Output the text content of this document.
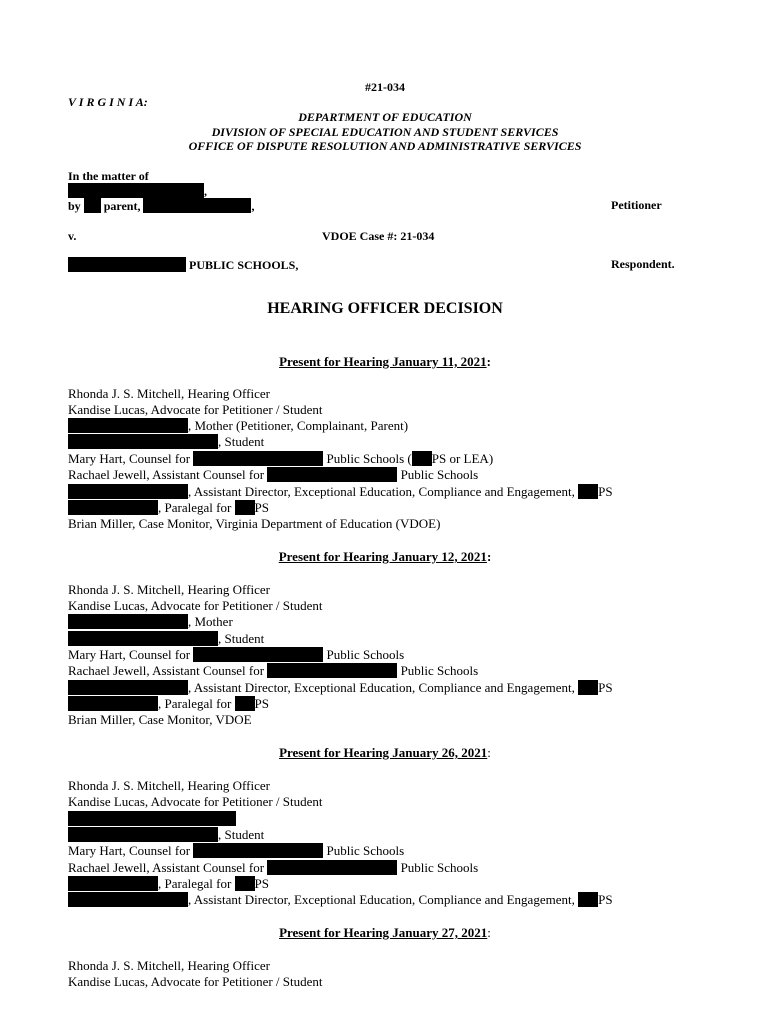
#21-034
V I R G I N I A:
DEPARTMENT OF EDUCATION
DIVISION OF SPECIAL EDUCATION AND STUDENT SERVICES
OFFICE OF DISPUTE RESOLUTION AND ADMINISTRATIVE SERVICES
In the matter of
,
by parent,	,	Petitioner
v.	VDOE Case #: 21-034
PUBLIC SCHOOLS,	Respondent.
HEARING OFFICER DECISION
Present for Hearing January 11, 2021:
Rhonda J. S. Mitchell, Hearing Officer
Kandise Lucas, Advocate for Petitioner / Student
, Mother (Petitioner, Complainant, Parent)
, Student
Mary Hart, Counsel for	Public Schools ( PS or LEA)
Rachael Jewell, Assistant Counsel for	Public Schools
, Assistant Director, Exceptional Education, Compliance and Engagement, PS
, Paralegal for PS
Brian Miller, Case Monitor, Virginia Department of Education (VDOE)
Present for Hearing January 12, 2021:
Rhonda J. S. Mitchell, Hearing Officer
Kandise Lucas, Advocate for Petitioner / Student
, Mother
, Student
Mary Hart, Counsel for	Public Schools
Rachael Jewell, Assistant Counsel for	Public Schools
, Assistant Director, Exceptional Education, Compliance and Engagement, PS
, Paralegal for PS
Brian Miller, Case Monitor, VDOE
Present for Hearing January 26, 2021:
Rhonda J. S. Mitchell, Hearing Officer
Kandise Lucas, Advocate for Petitioner / Student
, Student
Mary Hart, Counsel for	Public Schools
Rachael Jewell, Assistant Counsel for	Public Schools
, Paralegal for PS
, Assistant Director, Exceptional Education, Compliance and Engagement, PS
Present for Hearing January 27, 2021:
Rhonda J. S. Mitchell, Hearing Officer
Kandise Lucas, Advocate for Petitioner / Student
